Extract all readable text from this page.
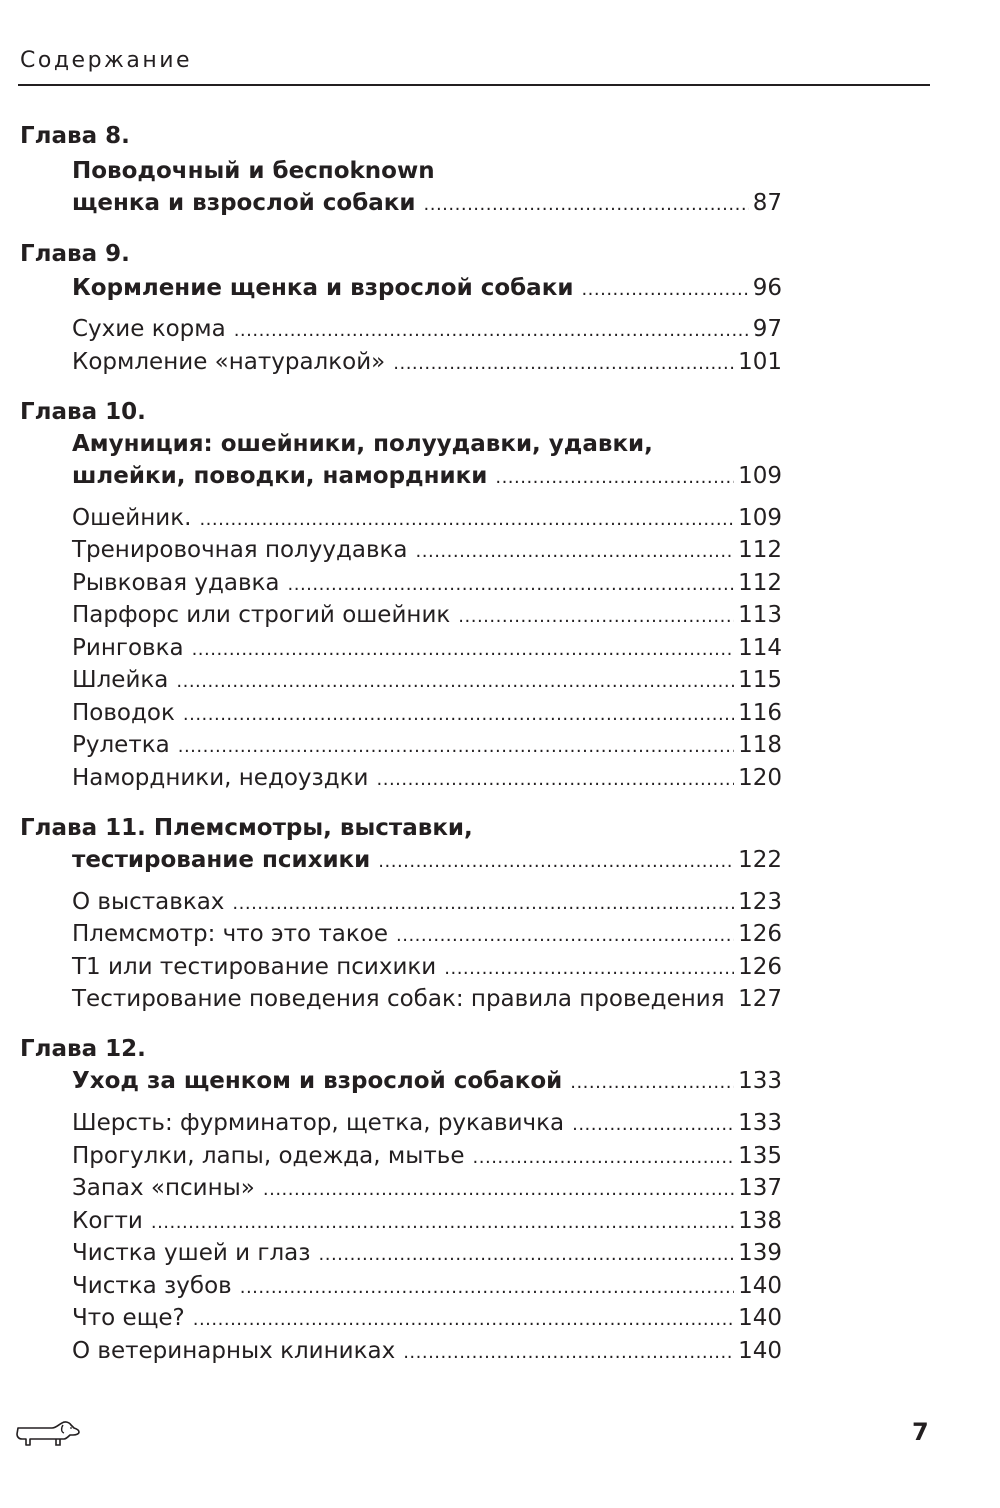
Содержание
Глава 8.
Поводочный и беспоknown
щенка и взрослой собаки .....	87
Глава 9.
Кормление щенка и взрослой собаки .....	96
Сухие корма .....	97
Кормление «натуралкой» .....	101
Глава 10.
Амуниция: ошейники, полуудавки, удавки,
шлейки, поводки, намордники .....	109
Ошейник. .....	109
Тренировочная полуудавка .....	112
Рывковая удавка .....	112
Парфорс или строгий ошейник .....	113
Ринговка .....	114
Шлейка .....	115
Поводок .....	116
Рулетка .....	118
Намордники, недоуздки .....	120
Глава 11. Племсмотры, выставки,
тестирование психики .....	122
О выставках .....	123
Племсмотр: что это такое .....	126
Т1 или тестирование психики .....	126
Тестирование поведения собак: правила проведения ..... 127
Глава 12.
Уход за щенком и взрослой собакой .....	133
Шерсть: фурминатор, щетка, рукавичка .....	133
Прогулки, лапы, одежда, мытье .....	135
Запах «псины» .....	137
Когти .....	138
Чистка ушей и глаз .....	139
Чистка зубов .....	140
Что еще? .....	140
О ветеринарных клиниках .....	140
7
